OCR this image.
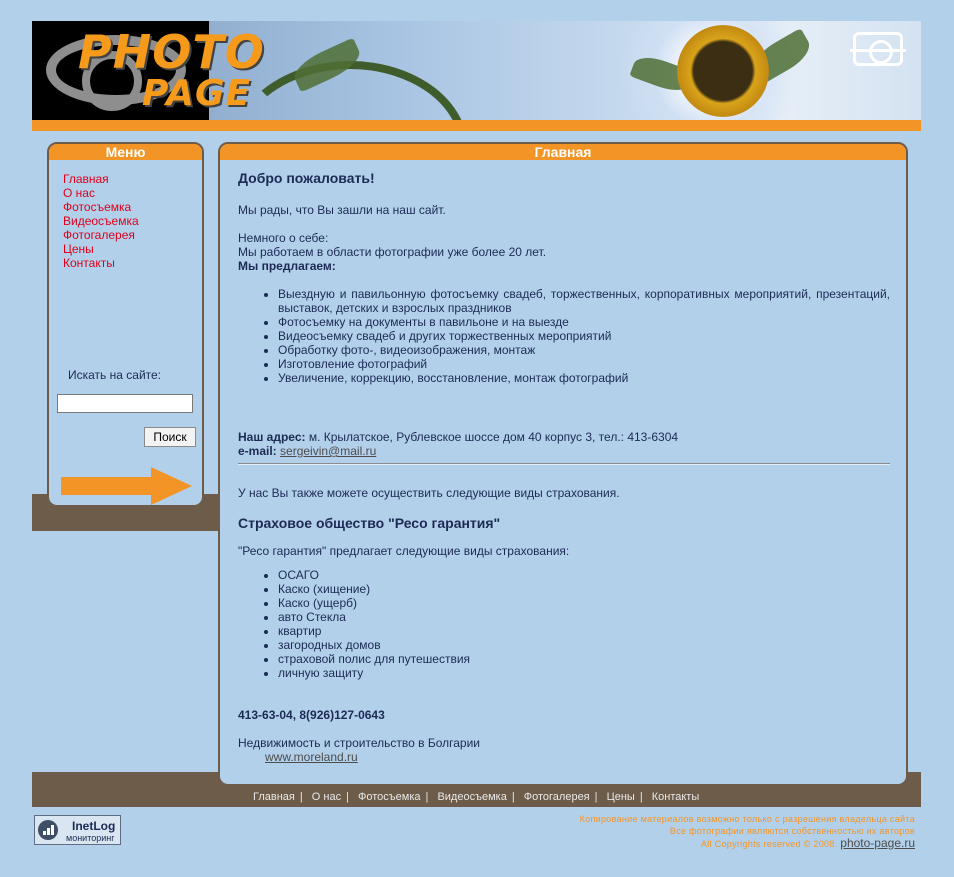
PHOTO
PAGE
Меню
Главная
О нас
Фотосъемка
Видеосъемка
Фотогалерея
Цены
Контакты
Искать на сайте:
Поиск
Главная
Добро пожаловать!

Мы рады, что Вы зашли на наш сайт.

Немного о себе:

Мы работаем в области фотографии уже более 20 лет.

Мы предлагаем:

• Выездную и павильонную фотосъемку свадеб, торжественных, корпоративных мероприятий, презентаций, выставок, детских и взрослых праздников
• Фотосъемку на документы в павильоне и на выезде
• Видеосъемку свадеб и других торжественных мероприятий
• Обработку фото-, видеоизображения, монтаж
• Изготовление фотографий
• Увеличение, коррекцию, восстановление, монтаж фотографий

Наш адрес: м. Крылатское, Рублевское шоссе дом 40 корпус 3, тел.: 413-6304

e-mail: sergeivin@mail.ru

У нас Вы также можете осуществить следующие виды страхования.

Страховое общество "Ресо гарантия"

"Ресо гарантия" предлагает следующие виды страхования:

• ОСАГО
• Каско (хищение)
• Каско (ущерб)
• авто Стекла
• квартир
• загородных домов
• страховой полис для путешествия
• личную защиту

413-63-04, 8(926)127-0643

Недвижимость и строительство в Болгарии

www.moreland.ru
Главная | О нас | Фотосъемка | Видеосъемка | Фотогалерея | Цены | Контакты
InetLog
мониторинг
Копирование материалов возможно только с разрешения владельца сайта
Все фотографии являются собственностью их авторов
All Copyrights reserved © 2008. photo-page.ru
